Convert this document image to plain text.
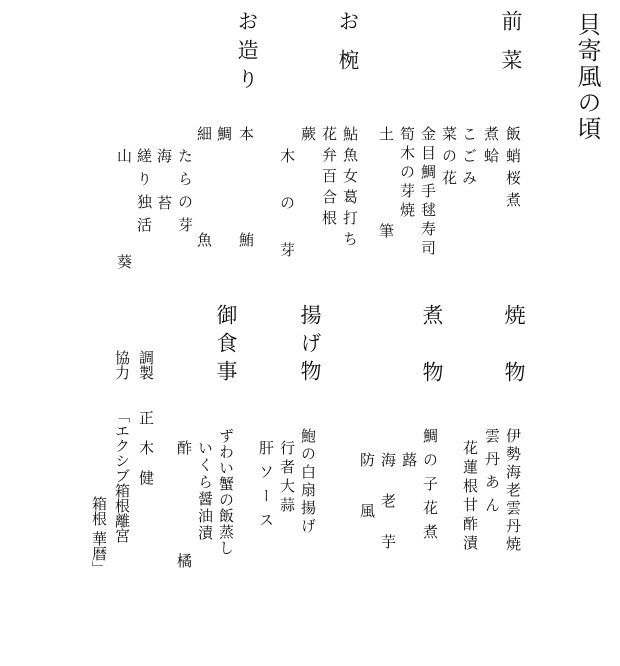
貝寄風の頃
前菜
飯蛸桜煮
煮蛤
こごみ
菜の花
金目鯛手毬寿司
筍木の芽焼
土筆
お椀
鮎魚女葛打ち
花弁百合根
蕨
木の芽
お造り
本鮪
鯛
細魚
たらの芽
海苔
縒り独活
山葵
焼物
伊勢海老雲丹焼
雲丹あん
花蓮根甘酢漬
煮物
鯛の子花煮
蕗
海老芋
防風
揚げ物
鮑の白扇揚げ
行者大蒜
肝ソース
御食事
ずわい蟹の飯蒸し
いくら醤油漬
酢橘
調製
正木健
協力
「エクシブ箱根離宮
箱根 華暦」
